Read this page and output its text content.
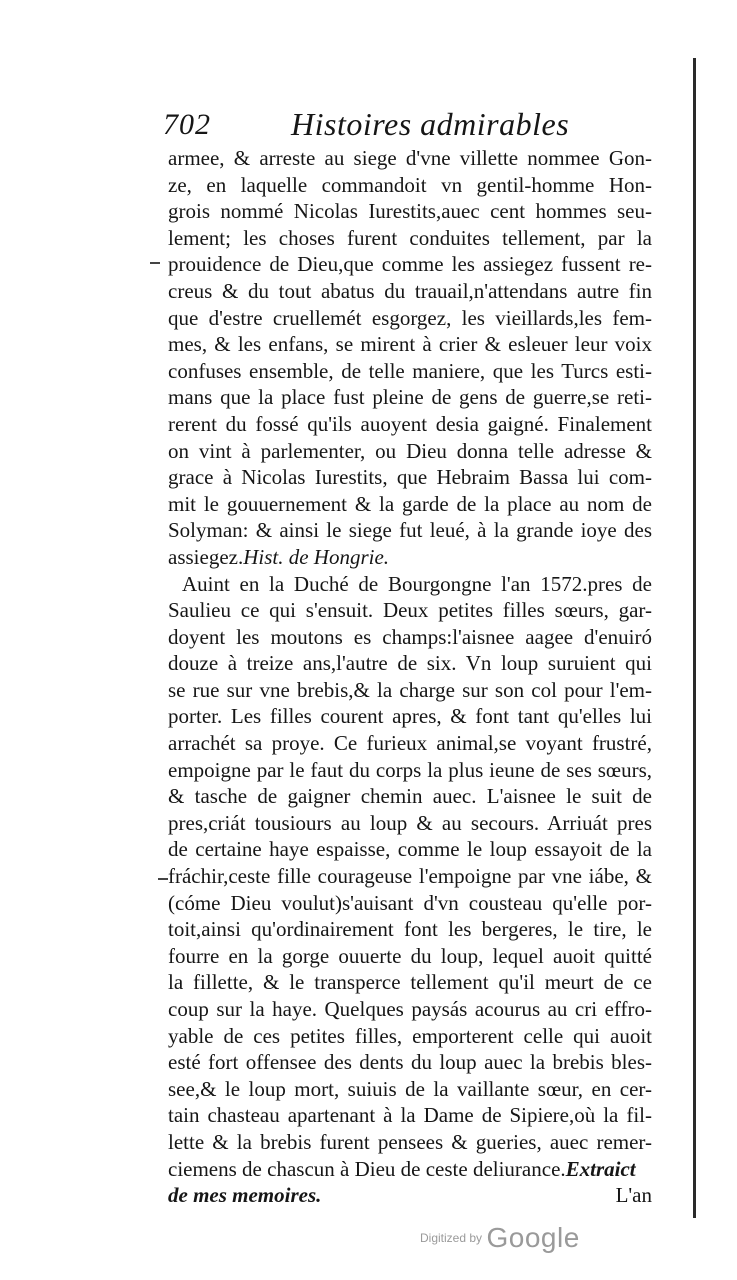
702	Histoires admirables
armee, & arreste au siege d'vne villette nommee Gon-
ze, en laquelle commandoit vn gentil-homme Hon-
grois nommé Nicolas Iurestits,auec cent hommes seu-
lement; les choses furent conduites tellement, par la
prouidence de Dieu,que comme les assiegez fussent re-
creus & du tout abatus du trauail,n'attendans autre fin
que d'estre cruellemét esgorgez, les vieillards,les fem-
mes, & les enfans, se mirent à crier & esleuer leur voix
confuses ensemble, de telle maniere, que les Turcs esti-
mans que la place fust pleine de gens de guerre,se reti-
rerent du fossé qu'ils auoyent desia gaigné. Finalement
on vint à parlementer, ou Dieu donna telle adresse &
grace à Nicolas Iurestits, que Hebraim Bassa lui com-
mit le gouuernement & la garde de la place au nom de
Solyman: & ainsi le siege fut leué, à la grande ioye des
assiegez.Hist. de Hongrie.
Auint en la Duché de Bourgongne l'an 1572.pres de
Saulieu ce qui s'ensuit. Deux petites filles sœurs, gar-
doyent les moutons es champs:l'aisnee aagee d'enuiró
douze à treize ans,l'autre de six. Vn loup suruient qui
se rue sur vne brebis,& la charge sur son col pour l'em-
porter. Les filles courent apres, & font tant qu'elles lui
arrachét sa proye. Ce furieux animal,se voyant frustré,
empoigne par le faut du corps la plus ieune de ses sœurs,
& tasche de gaigner chemin auec. L'aisnee le suit de
pres,criát tousiours au loup & au secours. Arriuát pres
de certaine haye espaisse, comme le loup essayoit de la
fráchir,ceste fille courageuse l'empoigne par vne iábe, &
(cóme Dieu voulut)s'auisant d'vn cousteau qu'elle por-
toit,ainsi qu'ordinairement font les bergeres, le tire, le
fourre en la gorge ouuerte du loup, lequel auoit quitté
la fillette, & le transperce tellement qu'il meurt de ce
coup sur la haye. Quelques paysás acourus au cri effro-
yable de ces petites filles, emporterent celle qui auoit
esté fort offensee des dents du loup auec la brebis bles-
see,& le loup mort, suiuis de la vaillante sœur, en cer-
tain chasteau apartenant à la Dame de Sipiere,où la fil-
lette & la brebis furent pensees & gueries, auec remer-
ciemens de chascun à Dieu de ceste deliurance.Extraict
de mes memoires.	L'an
Digitized by Google
